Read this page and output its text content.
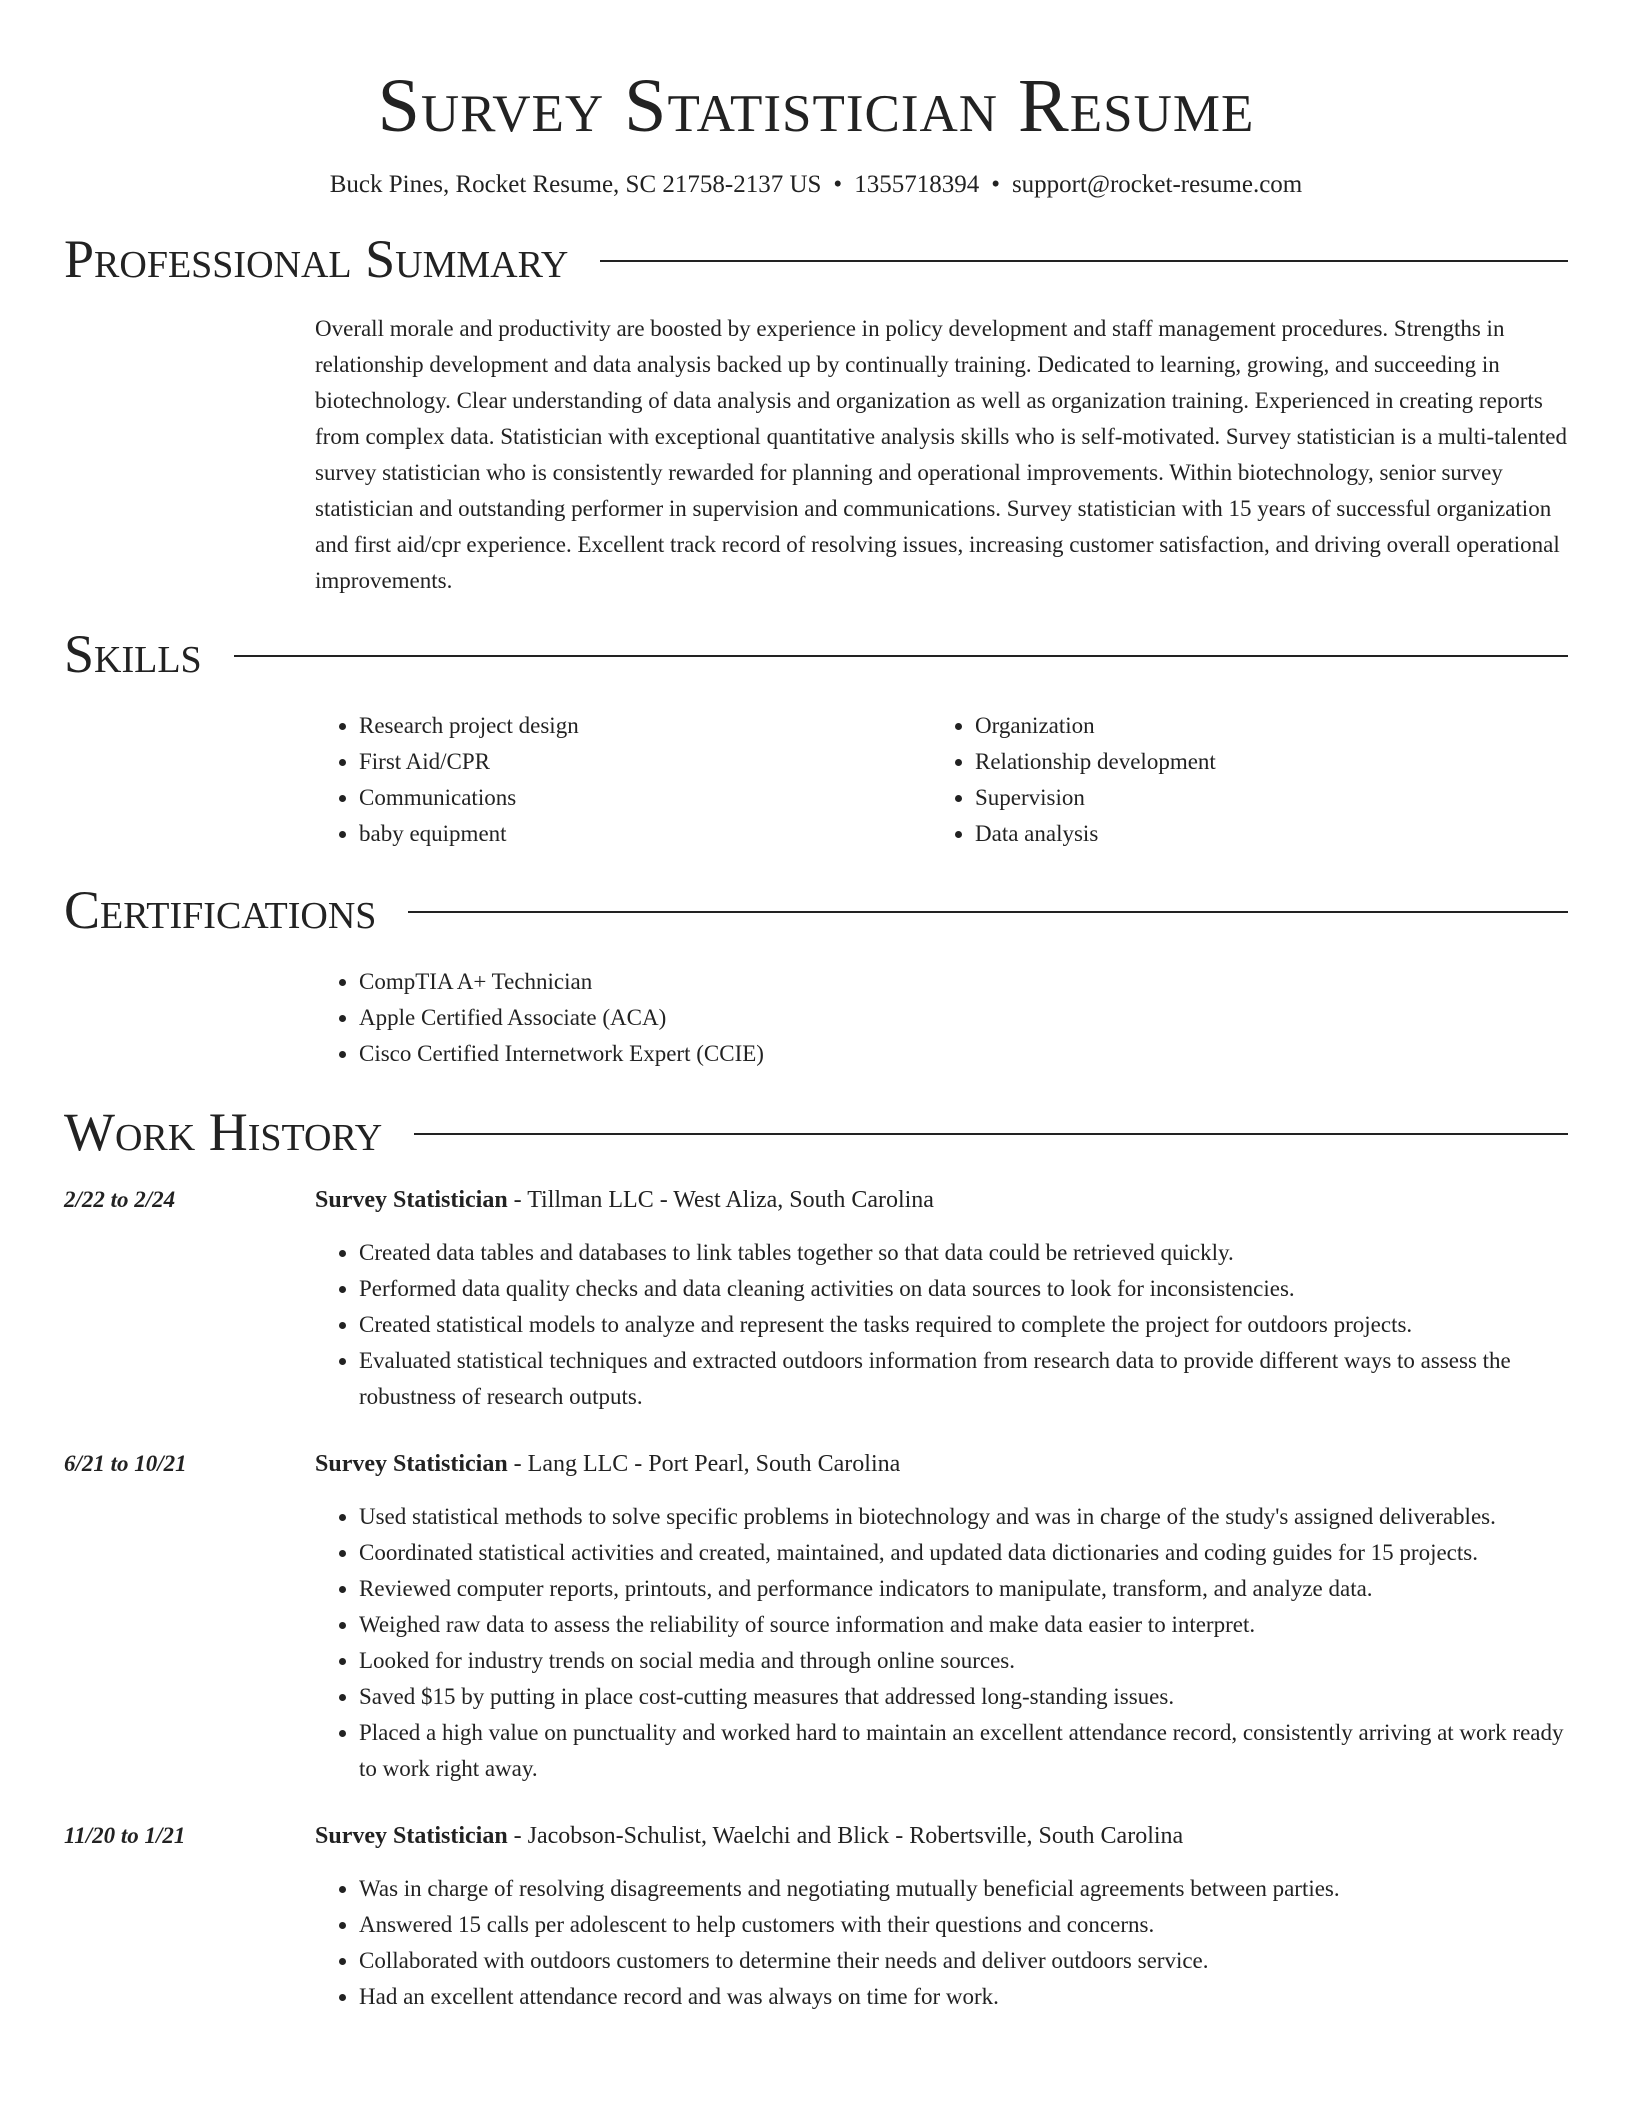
Survey Statistician Resume
Buck Pines, Rocket Resume, SC 21758-2137 US • 1355718394 • support@rocket-resume.com
Professional Summary

Overall morale and productivity are boosted by experience in policy development and staff management procedures. Strengths in relationship development and data analysis backed up by continually training. Dedicated to learning, growing, and succeeding in biotechnology. Clear understanding of data analysis and organization as well as organization training. Experienced in creating reports from complex data. Statistician with exceptional quantitative analysis skills who is self-motivated. Survey statistician is a multi-talented survey statistician who is consistently rewarded for planning and operational improvements. Within biotechnology, senior survey statistician and outstanding performer in supervision and communications. Survey statistician with 15 years of successful organization and first aid/cpr experience. Excellent track record of resolving issues, increasing customer satisfaction, and driving overall operational improvements.

Skills
• Research project design
• First Aid/CPR
• Communications
• baby equipment
• Organization
• Relationship development
• Supervision
• Data analysis
Certifications
• CompTIA A+ Technician
• Apple Certified Associate (ACA)
• Cisco Certified Internetwork Expert (CCIE)
Work History
2/22 to 2/24	Survey Statistician - Tillman LLC - West Aliza, South Carolina
• Created data tables and databases to link tables together so that data could be retrieved quickly.
• Performed data quality checks and data cleaning activities on data sources to look for inconsistencies.
• Created statistical models to analyze and represent the tasks required to complete the project for outdoors projects.
• Evaluated statistical techniques and extracted outdoors information from research data to provide different ways to assess the robustness of research outputs.
6/21 to 10/21	Survey Statistician - Lang LLC - Port Pearl, South Carolina
• Used statistical methods to solve specific problems in biotechnology and was in charge of the study's assigned deliverables.
• Coordinated statistical activities and created, maintained, and updated data dictionaries and coding guides for 15 projects.
• Reviewed computer reports, printouts, and performance indicators to manipulate, transform, and analyze data.
• Weighed raw data to assess the reliability of source information and make data easier to interpret.
• Looked for industry trends on social media and through online sources.
• Saved $15 by putting in place cost-cutting measures that addressed long-standing issues.
• Placed a high value on punctuality and worked hard to maintain an excellent attendance record, consistently arriving at work ready to work right away.
11/20 to 1/21	Survey Statistician - Jacobson-Schulist, Waelchi and Blick - Robertsville, South Carolina
• Was in charge of resolving disagreements and negotiating mutually beneficial agreements between parties.
• Answered 15 calls per adolescent to help customers with their questions and concerns.
• Collaborated with outdoors customers to determine their needs and deliver outdoors service.
• Had an excellent attendance record and was always on time for work.
